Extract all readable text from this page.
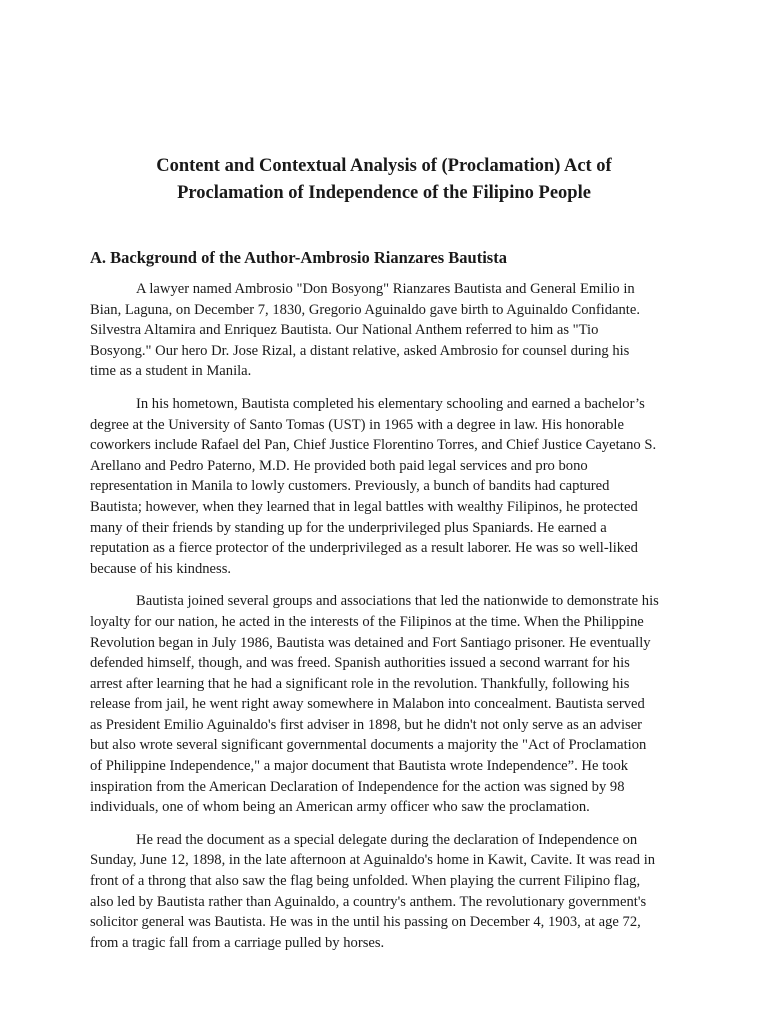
Content and Contextual Analysis of (Proclamation) Act of
Proclamation of Independence of the Filipino People
A. Background of the Author-Ambrosio Rianzares Bautista
A lawyer named Ambrosio "Don Bosyong" Rianzares Bautista and General Emilio in
Bian, Laguna, on December 7, 1830, Gregorio Aguinaldo gave birth to Aguinaldo Confidante.
Silvestra Altamira and Enriquez Bautista. Our National Anthem referred to him as "Tio
Bosyong." Our hero Dr. Jose Rizal, a distant relative, asked Ambrosio for counsel during his
time as a student in Manila.
In his hometown, Bautista completed his elementary schooling and earned a bachelor’s
degree at the University of Santo Tomas (UST) in 1965 with a degree in law. His honorable
coworkers include Rafael del Pan, Chief Justice Florentino Torres, and Chief Justice Cayetano S.
Arellano and Pedro Paterno, M.D. He provided both paid legal services and pro bono
representation in Manila to lowly customers. Previously, a bunch of bandits had captured
Bautista; however, when they learned that in legal battles with wealthy Filipinos, he protected
many of their friends by standing up for the underprivileged plus Spaniards. He earned a
reputation as a fierce protector of the underprivileged as a result laborer. He was so well-liked
because of his kindness.
Bautista joined several groups and associations that led the nationwide to demonstrate his
loyalty for our nation, he acted in the interests of the Filipinos at the time. When the Philippine
Revolution began in July 1986, Bautista was detained and Fort Santiago prisoner. He eventually
defended himself, though, and was freed. Spanish authorities issued a second warrant for his
arrest after learning that he had a significant role in the revolution. Thankfully, following his
release from jail, he went right away somewhere in Malabon into concealment. Bautista served
as President Emilio Aguinaldo's first adviser in 1898, but he didn't not only serve as an adviser
but also wrote several significant governmental documents a majority the "Act of Proclamation
of Philippine Independence," a major document that Bautista wrote Independence”. He took
inspiration from the American Declaration of Independence for the action was signed by 98
individuals, one of whom being an American army officer who saw the proclamation.
He read the document as a special delegate during the declaration of Independence on
Sunday, June 12, 1898, in the late afternoon at Aguinaldo's home in Kawit, Cavite. It was read in
front of a throng that also saw the flag being unfolded. When playing the current Filipino flag,
also led by Bautista rather than Aguinaldo, a country's anthem. The revolutionary government's
solicitor general was Bautista. He was in the until his passing on December 4, 1903, at age 72,
from a tragic fall from a carriage pulled by horses.
